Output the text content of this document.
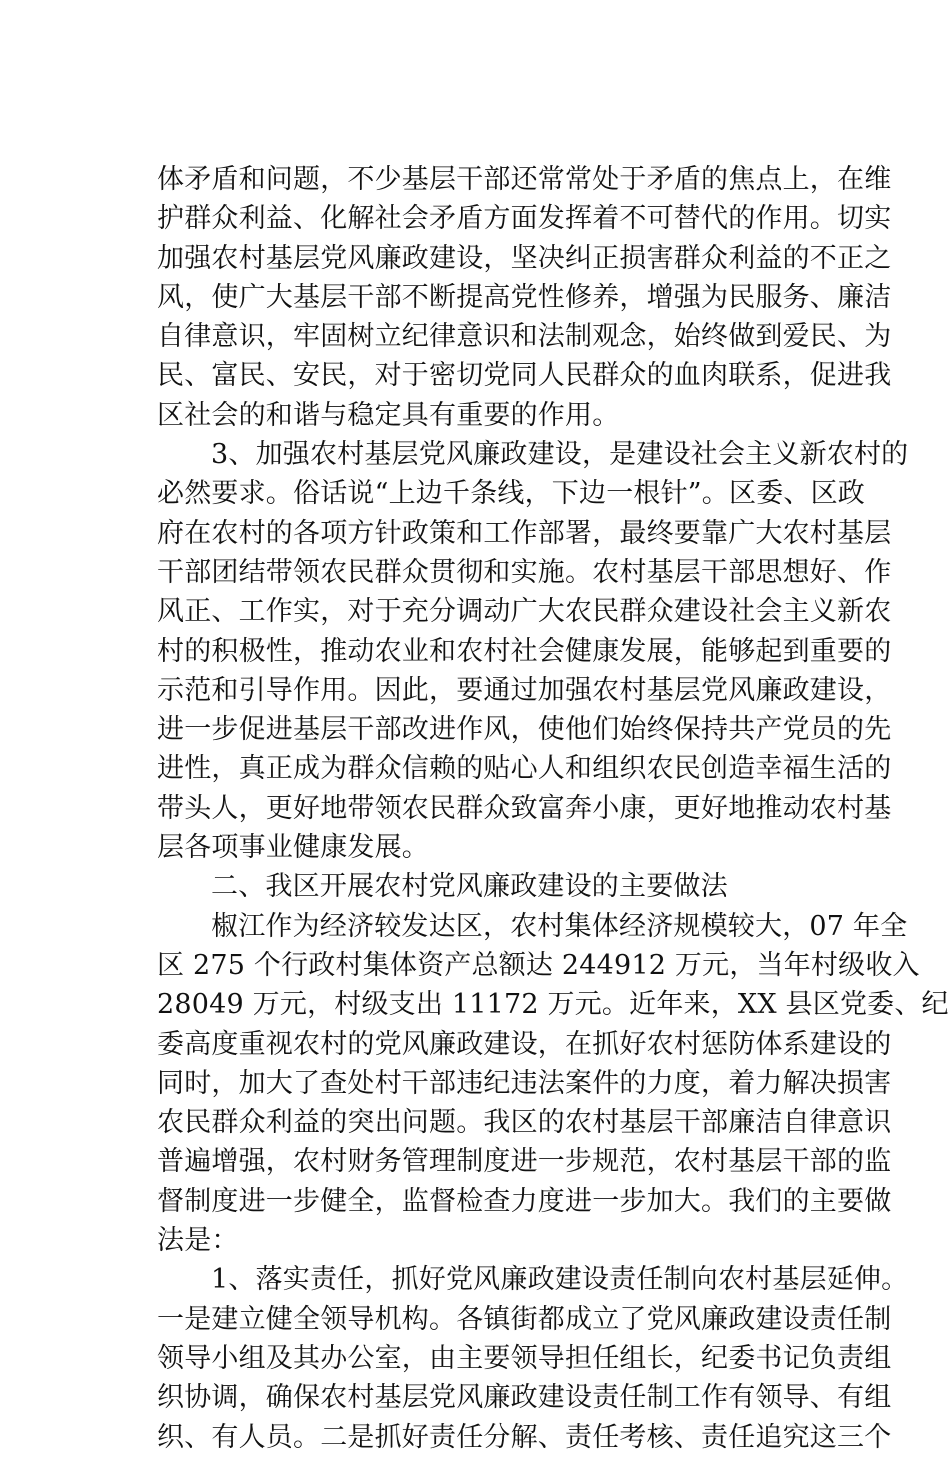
体矛盾和问题，不少基层干部还常常处于矛盾的焦点上，在维
护群众利益、化解社会矛盾方面发挥着不可替代的作用。切实
加强农村基层党风廉政建设，坚决纠正损害群众利益的不正之
风，使广大基层干部不断提高党性修养，增强为民服务、廉洁
自律意识，牢固树立纪律意识和法制观念，始终做到爱民、为
民、富民、安民，对于密切党同人民群众的血肉联系，促进我
区社会的和谐与稳定具有重要的作用。
3、加强农村基层党风廉政建设，是建设社会主义新农村的
必然要求。俗话说“上边千条线，下边一根针”。区委、区政
府在农村的各项方针政策和工作部署，最终要靠广大农村基层
干部团结带领农民群众贯彻和实施。农村基层干部思想好、作
风正、工作实，对于充分调动广大农民群众建设社会主义新农
村的积极性，推动农业和农村社会健康发展，能够起到重要的
示范和引导作用。因此，要通过加强农村基层党风廉政建设，
进一步促进基层干部改进作风，使他们始终保持共产党员的先
进性，真正成为群众信赖的贴心人和组织农民创造幸福生活的
带头人，更好地带领农民群众致富奔小康，更好地推动农村基
层各项事业健康发展。
二、我区开展农村党风廉政建设的主要做法
椒江作为经济较发达区，农村集体经济规模较大，07 年全
区 275 个行政村集体资产总额达 244912 万元，当年村级收入
28049 万元，村级支出 11172 万元。近年来，XX 县区党委、纪
委高度重视农村的党风廉政建设，在抓好农村惩防体系建设的
同时，加大了查处村干部违纪违法案件的力度，着力解决损害
农民群众利益的突出问题。我区的农村基层干部廉洁自律意识
普遍增强，农村财务管理制度进一步规范，农村基层干部的监
督制度进一步健全，监督检查力度进一步加大。我们的主要做
法是：
1、落实责任，抓好党风廉政建设责任制向农村基层延伸。
一是建立健全领导机构。各镇街都成立了党风廉政建设责任制
领导小组及其办公室，由主要领导担任组长，纪委书记负责组
织协调，确保农村基层党风廉政建设责任制工作有领导、有组
织、有人员。二是抓好责任分解、责任考核、责任追究这三个
